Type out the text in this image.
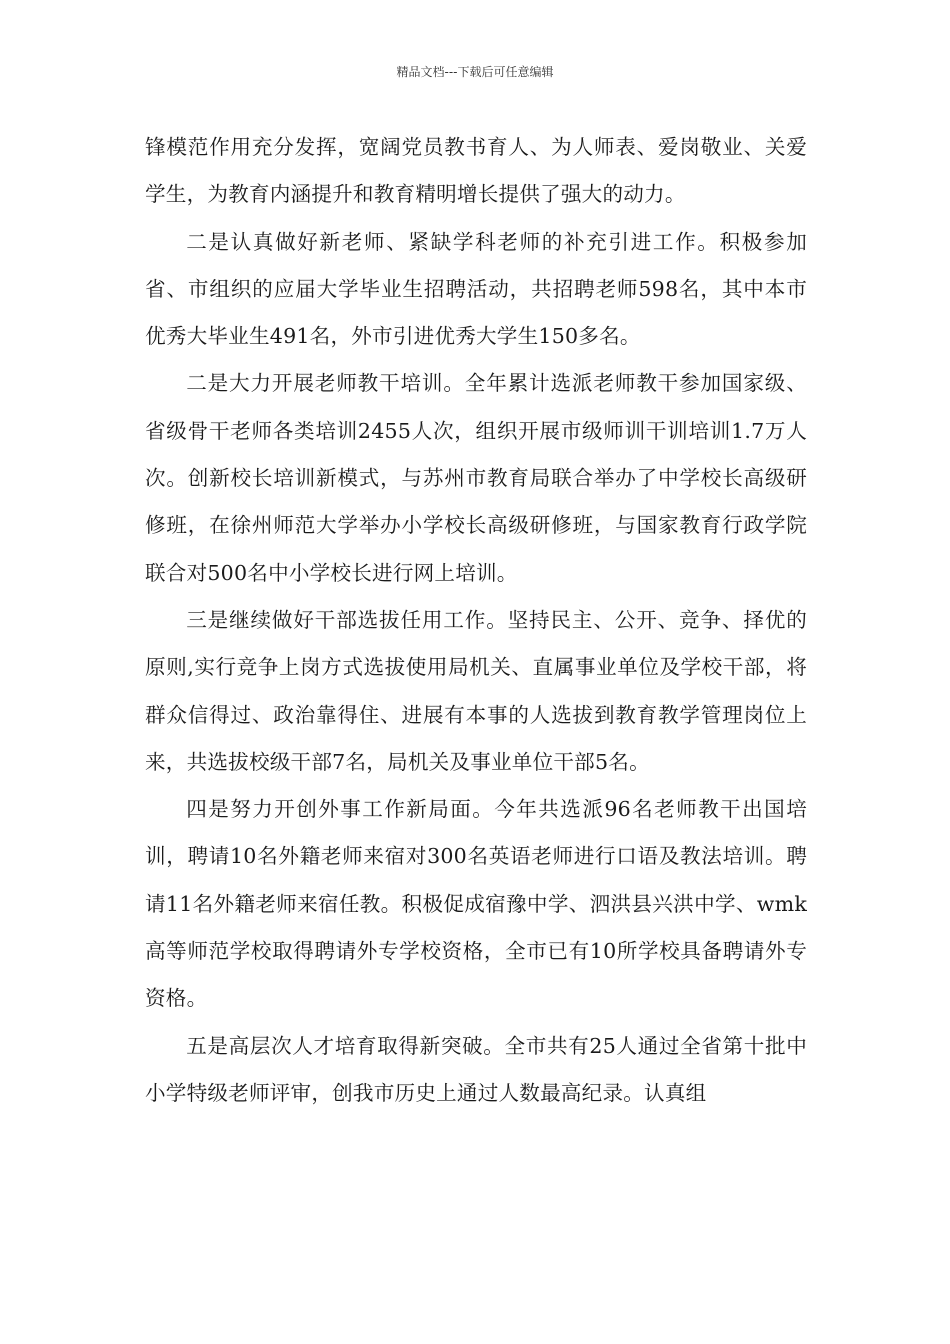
精品文档---下载后可任意编辑

锋模范作用充分发挥，宽阔党员教书育人、为人师表、爱岗敬业、关爱学生，为教育内涵提升和教育精明增长提供了强大的动力。

二是认真做好新老师、紧缺学科老师的补充引进工作。积极参加省、市组织的应届大学毕业生招聘活动，共招聘老师598名，其中本市优秀大毕业生491名，外市引进优秀大学生150多名。

二是大力开展老师教干培训。全年累计选派老师教干参加国家级、省级骨干老师各类培训2455人次，组织开展市级师训干训培训1.7万人次。创新校长培训新模式，与苏州市教育局联合举办了中学校长高级研修班，在徐州师范大学举办小学校长高级研修班，与国家教育行政学院联合对500名中小学校长进行网上培训。

三是继续做好干部选拔任用工作。坚持民主、公开、竞争、择优的原则,实行竞争上岗方式选拔使用局机关、直属事业单位及学校干部，将群众信得过、政治靠得住、进展有本事的人选拔到教育教学管理岗位上来，共选拔校级干部7名，局机关及事业单位干部5名。

四是努力开创外事工作新局面。今年共选派96名老师教干出国培训，聘请10名外籍老师来宿对300名英语老师进行口语及教法培训。聘请11名外籍老师来宿任教。积极促成宿豫中学、泗洪县兴洪中学、wmk 高等师范学校取得聘请外专学校资格，全市已有10所学校具备聘请外专资格。

五是高层次人才培育取得新突破。全市共有25人通过全省第十批中小学特级老师评审，创我市历史上通过人数最高纪录。认真组
